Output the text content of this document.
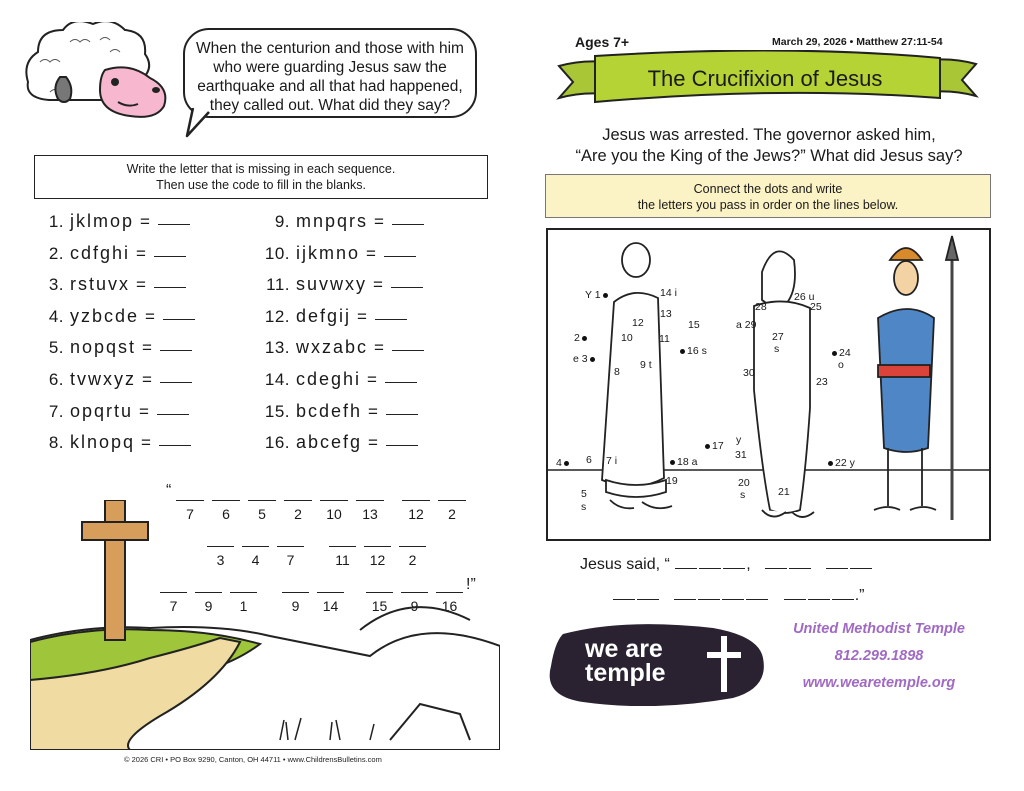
When the centurion and those with him who were guarding Jesus saw the earthquake and all that had happened, they called out. What did they say?
Write the letter that is missing in each sequence.
Then use the code to fill in the blanks.
1. jklmop =
2. cdfghi =
3. rstuvx =
4. yzbcde =
5. nopqst =
6. tvwxyz =
7. opqrtu =
8. klnopq =
9. mnpqrs =
10. ijkmno =
11. suvwxy =
12. defgij =
13. wxzabc =
14. cdeghi =
15. bcdefh =
16. abcefg =
“
7	6	5	2	10	13	12	2
3	4	7	11	12	2
7	9	1	9	14	15	9	16
!”
© 2026 CRI • PO Box 9290, Canton, OH 44711 • www.ChildrensBulletins.com
Ages 7+	March 29, 2026 • Matthew 27:11-54
The Crucifixion of Jesus
Jesus was arrested. The governor asked him,
“Are you the King of the Jews?” What did Jesus say?
Connect the dots and write
the letters you pass in order on the lines below.
Y 1
2
e 3
4
5
s
6 7 i
8
9 t
10	11
12
13
14 i
15
16 s
17
18 a
19	20
s	21
22 y
23
24
o
25
26 u
27
s
28
a 29
30
31
y
Jesus said, “	,
.”
we are
temple
United Methodist Temple
812.299.1898
www.wearetemple.org
